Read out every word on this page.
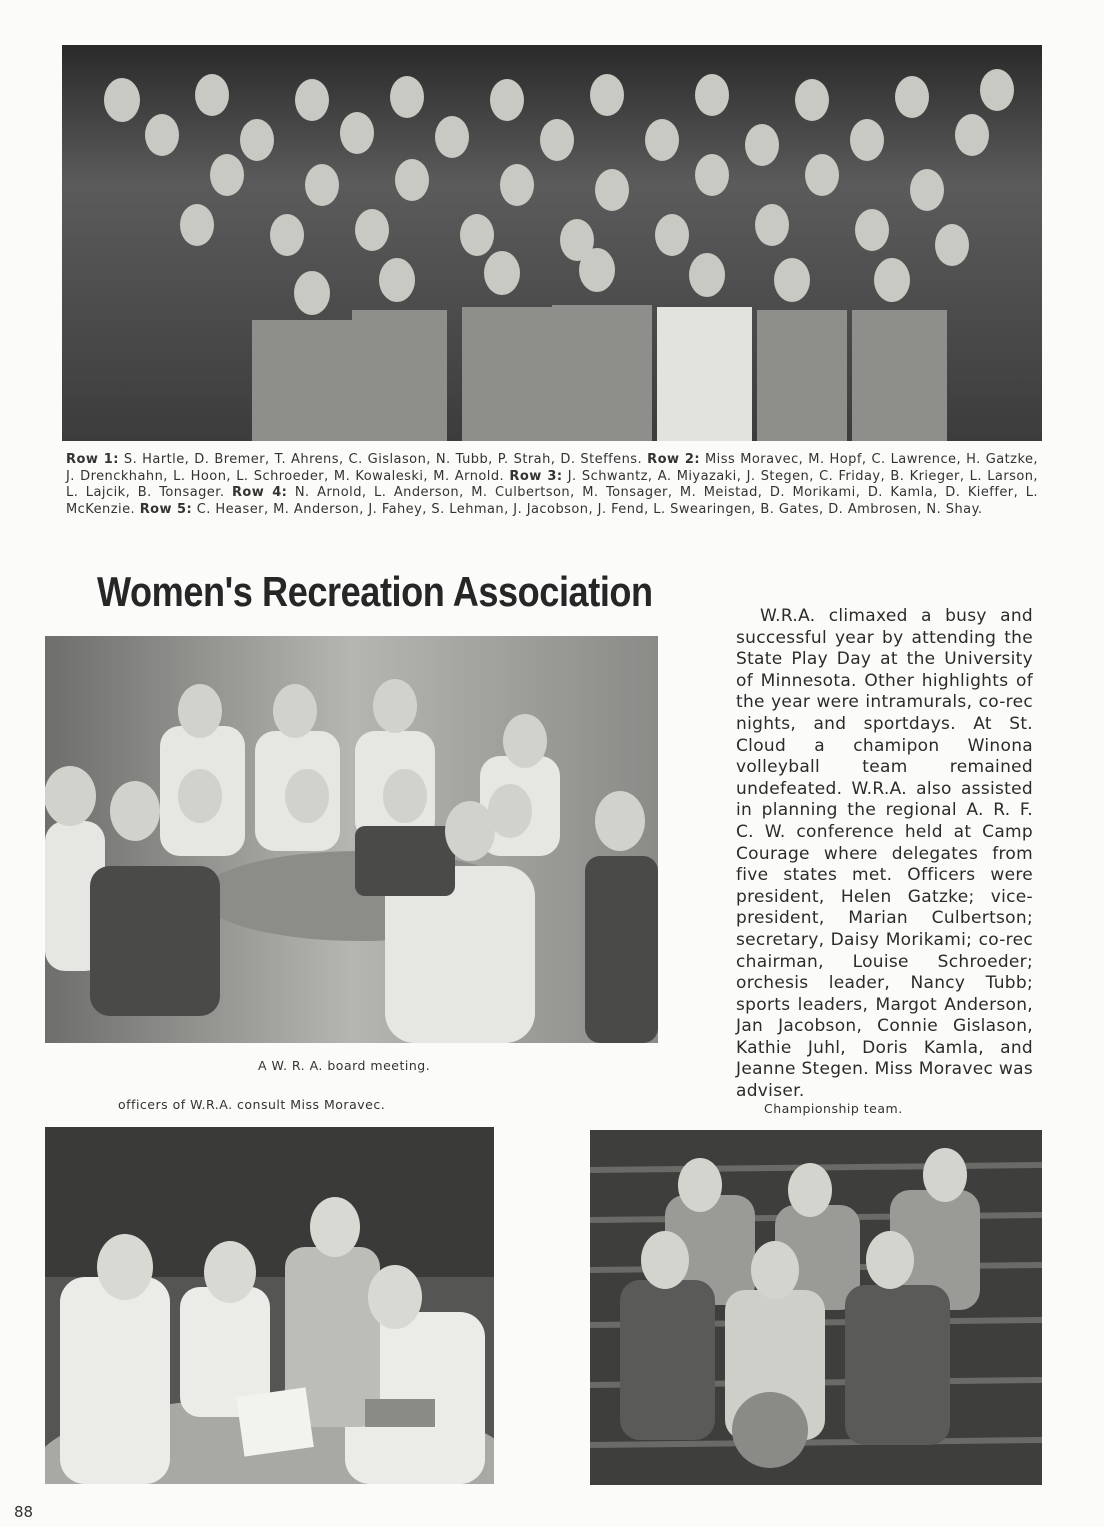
Row 1: S. Hartle, D. Bremer, T. Ahrens, C. Gislason, N. Tubb, P. Strah, D. Steffens. Row 2: Miss Moravec, M. Hopf, C. Lawrence, H. Gatzke, J. Drenckhahn, L. Hoon, L. Schroeder, M. Kowaleski, M. Arnold. Row 3: J. Schwantz, A. Miyazaki, J. Stegen, C. Friday, B. Krieger, L. Larson, L. Lajcik, B. Tonsager. Row 4: N. Arnold, L. Anderson, M. Culbertson, M. Tonsager, M. Meistad, D. Morikami, D. Kamla, D. Kieffer, L. McKenzie. Row 5: C. Heaser, M. Anderson, J. Fahey, S. Lehman, J. Jacobson, J. Fend, L. Swearingen, B. Gates, D. Ambrosen, N. Shay.
Women's Recreation Association
A W. R. A. board meeting.
officers of W.R.A. consult Miss Moravec.	Championship team.

W.R.A. climaxed a busy and successful year by attending the State Play Day at the University of Minnesota. Other highlights of the year were intramurals, co-rec nights, and sportdays. At St. Cloud a chamipon Winona volleyball team remained undefeated. W.R.A. also assisted in planning the regional A. R. F. C. W. conference held at Camp Courage where delegates from five states met. Officers were president, Helen Gatzke; vice-president, Marian Culbertson; secretary, Daisy Morikami; co-rec chairman, Louise Schroeder; orchesis leader, Nancy Tubb; sports leaders, Margot Anderson, Jan Jacobson, Connie Gislason, Kathie Juhl, Doris Kamla, and Jeanne Stegen. Miss Moravec was adviser.

88
